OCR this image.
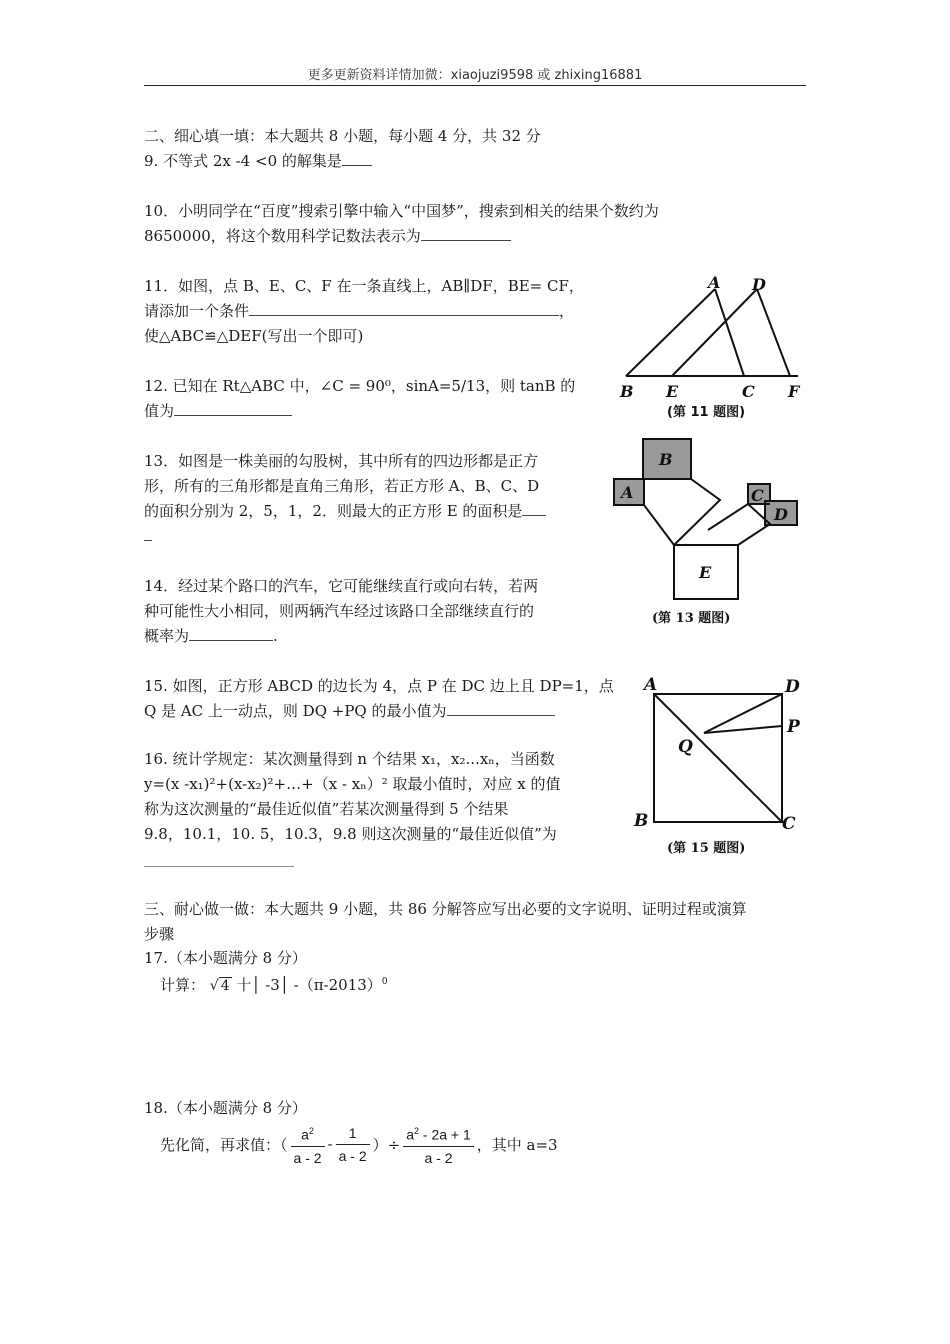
更多更新资料详情加微：xiaojuzi9598 或 zhixing16881
二、细心填一填：本大题共 8 小题，每小题 4 分，共 32 分
9. 不等式 2x -4 <0 的解集是
10．小明同学在“百度”搜索引擎中输入“中国梦”，搜索到相关的结果个数约为
8650000，将这个数用科学记数法表示为
11．如图，点 B、E、C、F 在一条直线上，AB∥DF，BE= CF，
请添加一个条件	，
使△ABC≌△DEF(写出一个即可)
12. 已知在 Rt△ABC 中，∠C = 90⁰，sinA=5/13，则 tanB 的
值为
13．如图是一株美丽的勾股树，其中所有的四边形都是正方
形，所有的三角形都是直角三角形，若正方形 A、B、C、D
的面积分别为 2，5，1，2．则最大的正方形 E 的面积是
14．经过某个路口的汽车，它可能继续直行或向右转，若两
种可能性大小相同，则两辆汽车经过该路口全部继续直行的
概率为	.
15. 如图，正方形 ABCD 的边长为 4，点 P 在 DC 边上且 DP=1，点
Q 是 AC 上一动点，则 DQ +PQ 的最小值为
16. 统计学规定：某次测量得到 n 个结果 x₁，x₂...xₙ，当函数
y=(x -x₁)²+(x-x₂)²+…+（x - xₙ）² 取最小值时，对应 x 的值
称为这次测量的“最佳近似值”若某次测量得到 5 个结果
9.8，10.1，10. 5，10.3，9.8 则这次测量的“最佳近似值”为
三、耐心做一做：本大题共 9 小题，共 86 分解答应写出必要的文字说明、证明过程或演算
步骤
17.（本小题满分 8 分）
计算： √ 4 十│ -3│ $-(\pi-2013)^0$
18.（本小题满分 8 分）
先化简，再求值：（ $\frac{a^2}{a - 2} - \frac{1}{a - 2}$ ）÷ $\frac{a^2 - 2a + 1}{a - 2}$ ，其中 a=3
A D
B E	C F
(第 11 题图)
A
B
C
D
E
(第 13 题图)
A	D
P
Q
B	C
(第 15 题图)
